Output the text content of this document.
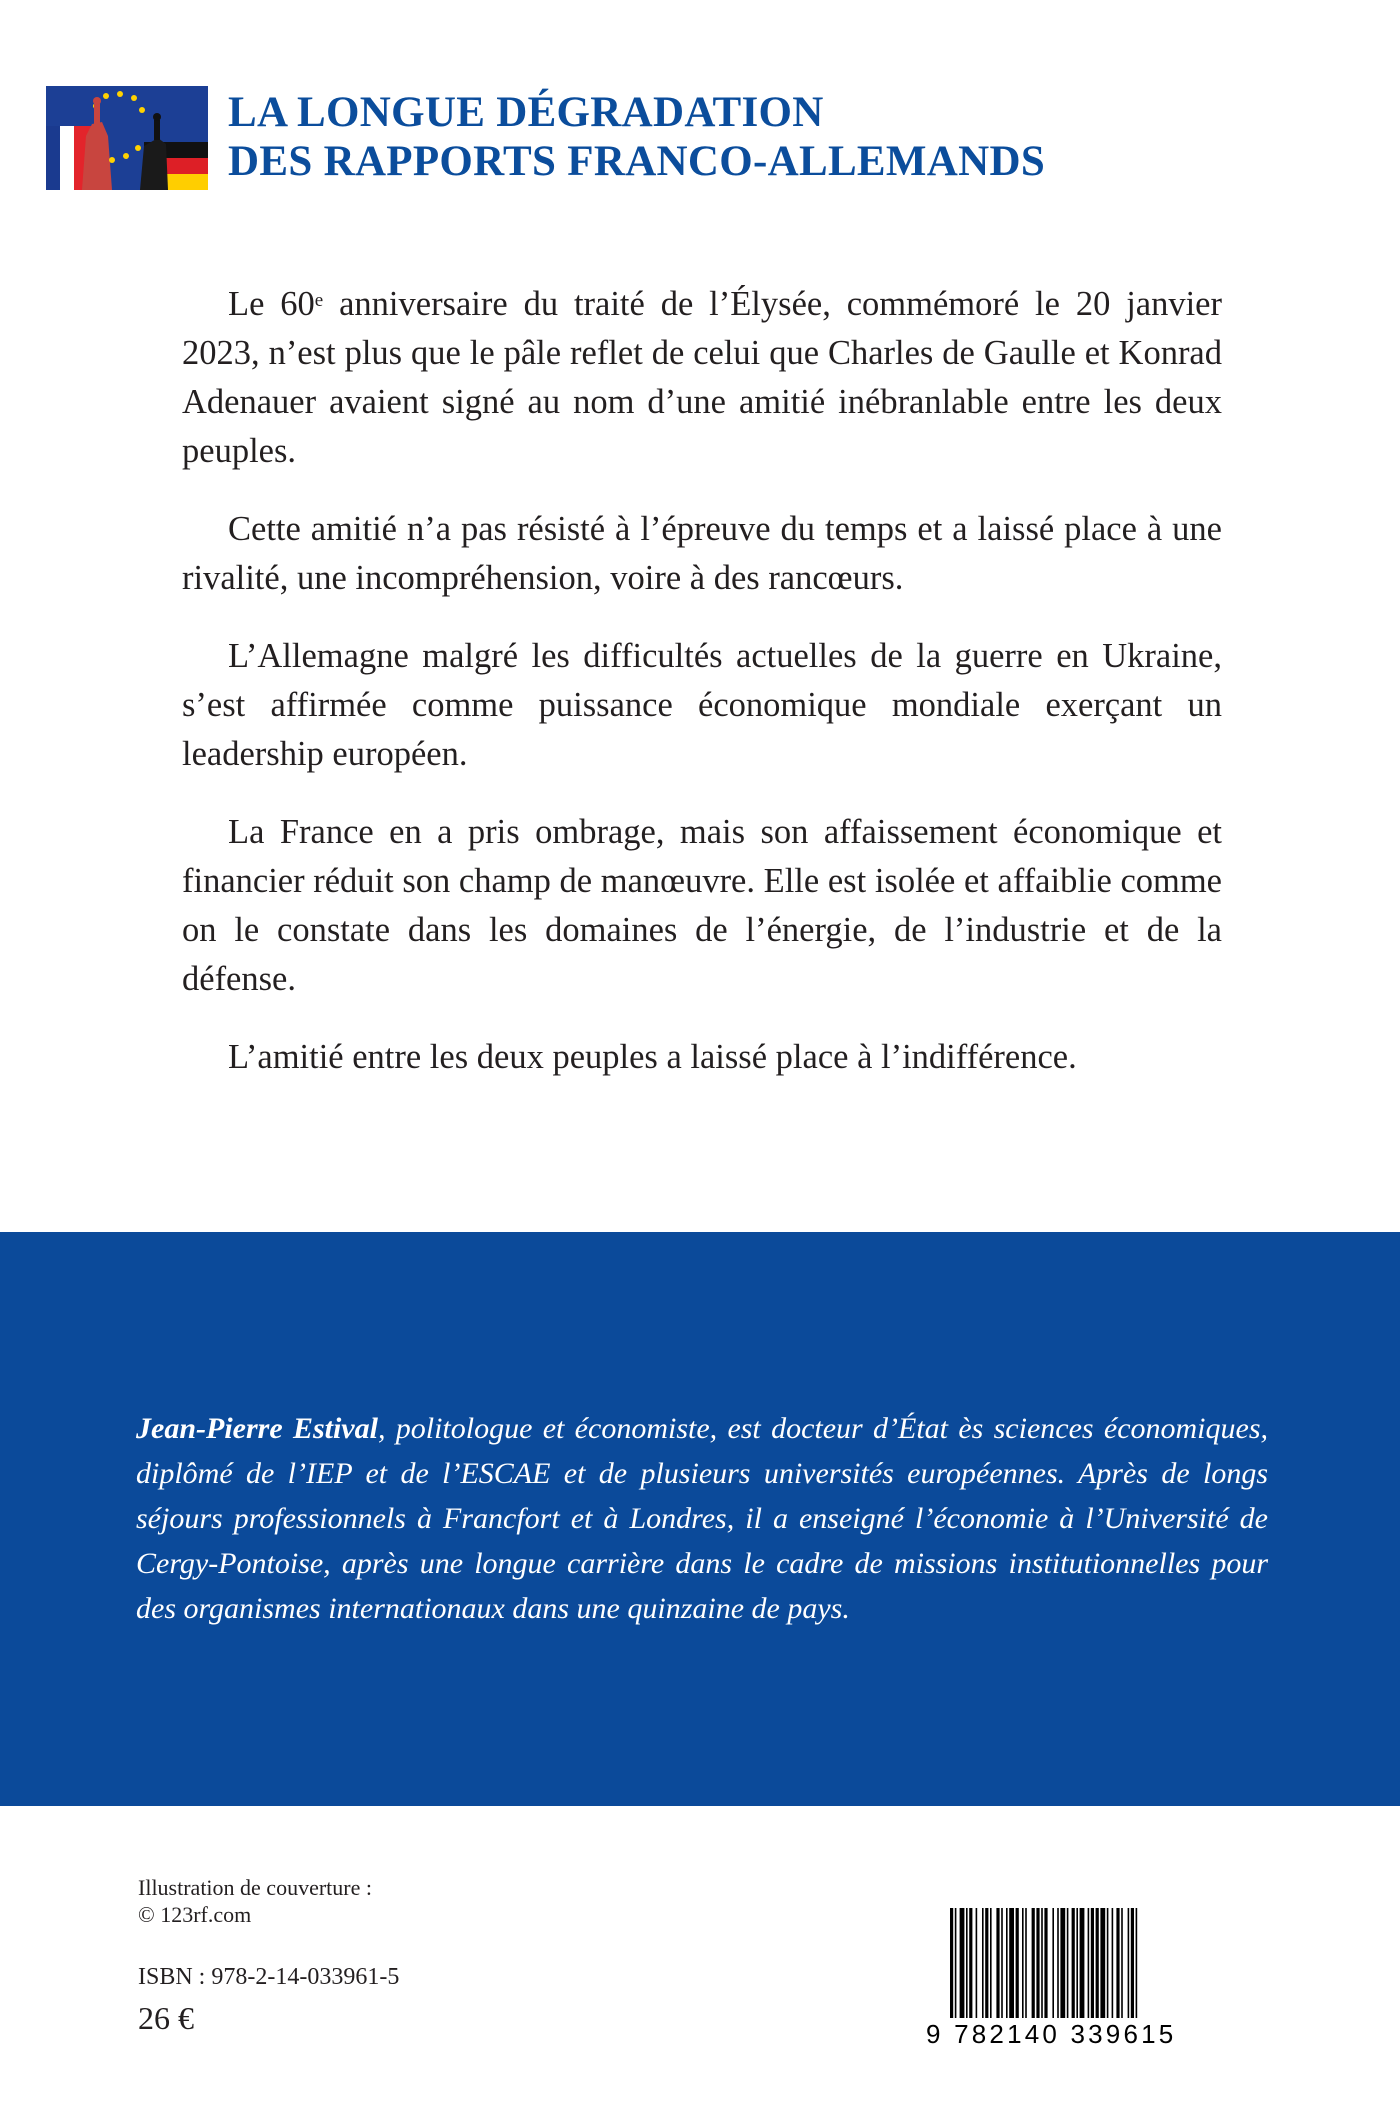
LA LONGUE DÉGRADATION
DES RAPPORTS FRANCO-ALLEMANDS

Le 60e anniversaire du traité de l’Élysée, commémoré le 20 janvier 2023, n’est plus que le pâle reflet de celui que Charles de Gaulle et Konrad Adenauer avaient signé au nom d’une amitié inébranlable entre les deux peuples.

Cette amitié n’a pas résisté à l’épreuve du temps et a laissé place à une rivalité, une incompréhension, voire à des rancœurs.

L’Allemagne malgré les difficultés actuelles de la guerre en Ukraine, s’est affirmée comme puissance économique mondiale exerçant un leadership européen.

La France en a pris ombrage, mais son affaissement économique et financier réduit son champ de manœuvre. Elle est isolée et affaiblie comme on le constate dans les domaines de l’énergie, de l’industrie et de la défense.

L’amitié entre les deux peuples a laissé place à l’indifférence.

Jean-Pierre Estival, politologue et économiste, est docteur d’État ès sciences économiques, diplômé de l’IEP et de l’ESCAE et de plusieurs universités européennes. Après de longs séjours professionnels à Francfort et à Londres, il a enseigné l’économie à l’Université de Cergy-Pontoise, après une longue carrière dans le cadre de missions institutionnelles pour des organismes internationaux dans une quinzaine de pays.

Illustration de couverture :
© 123rf.com
ISBN : 978-2-14-033961-5
26 €	9 782140 339615
